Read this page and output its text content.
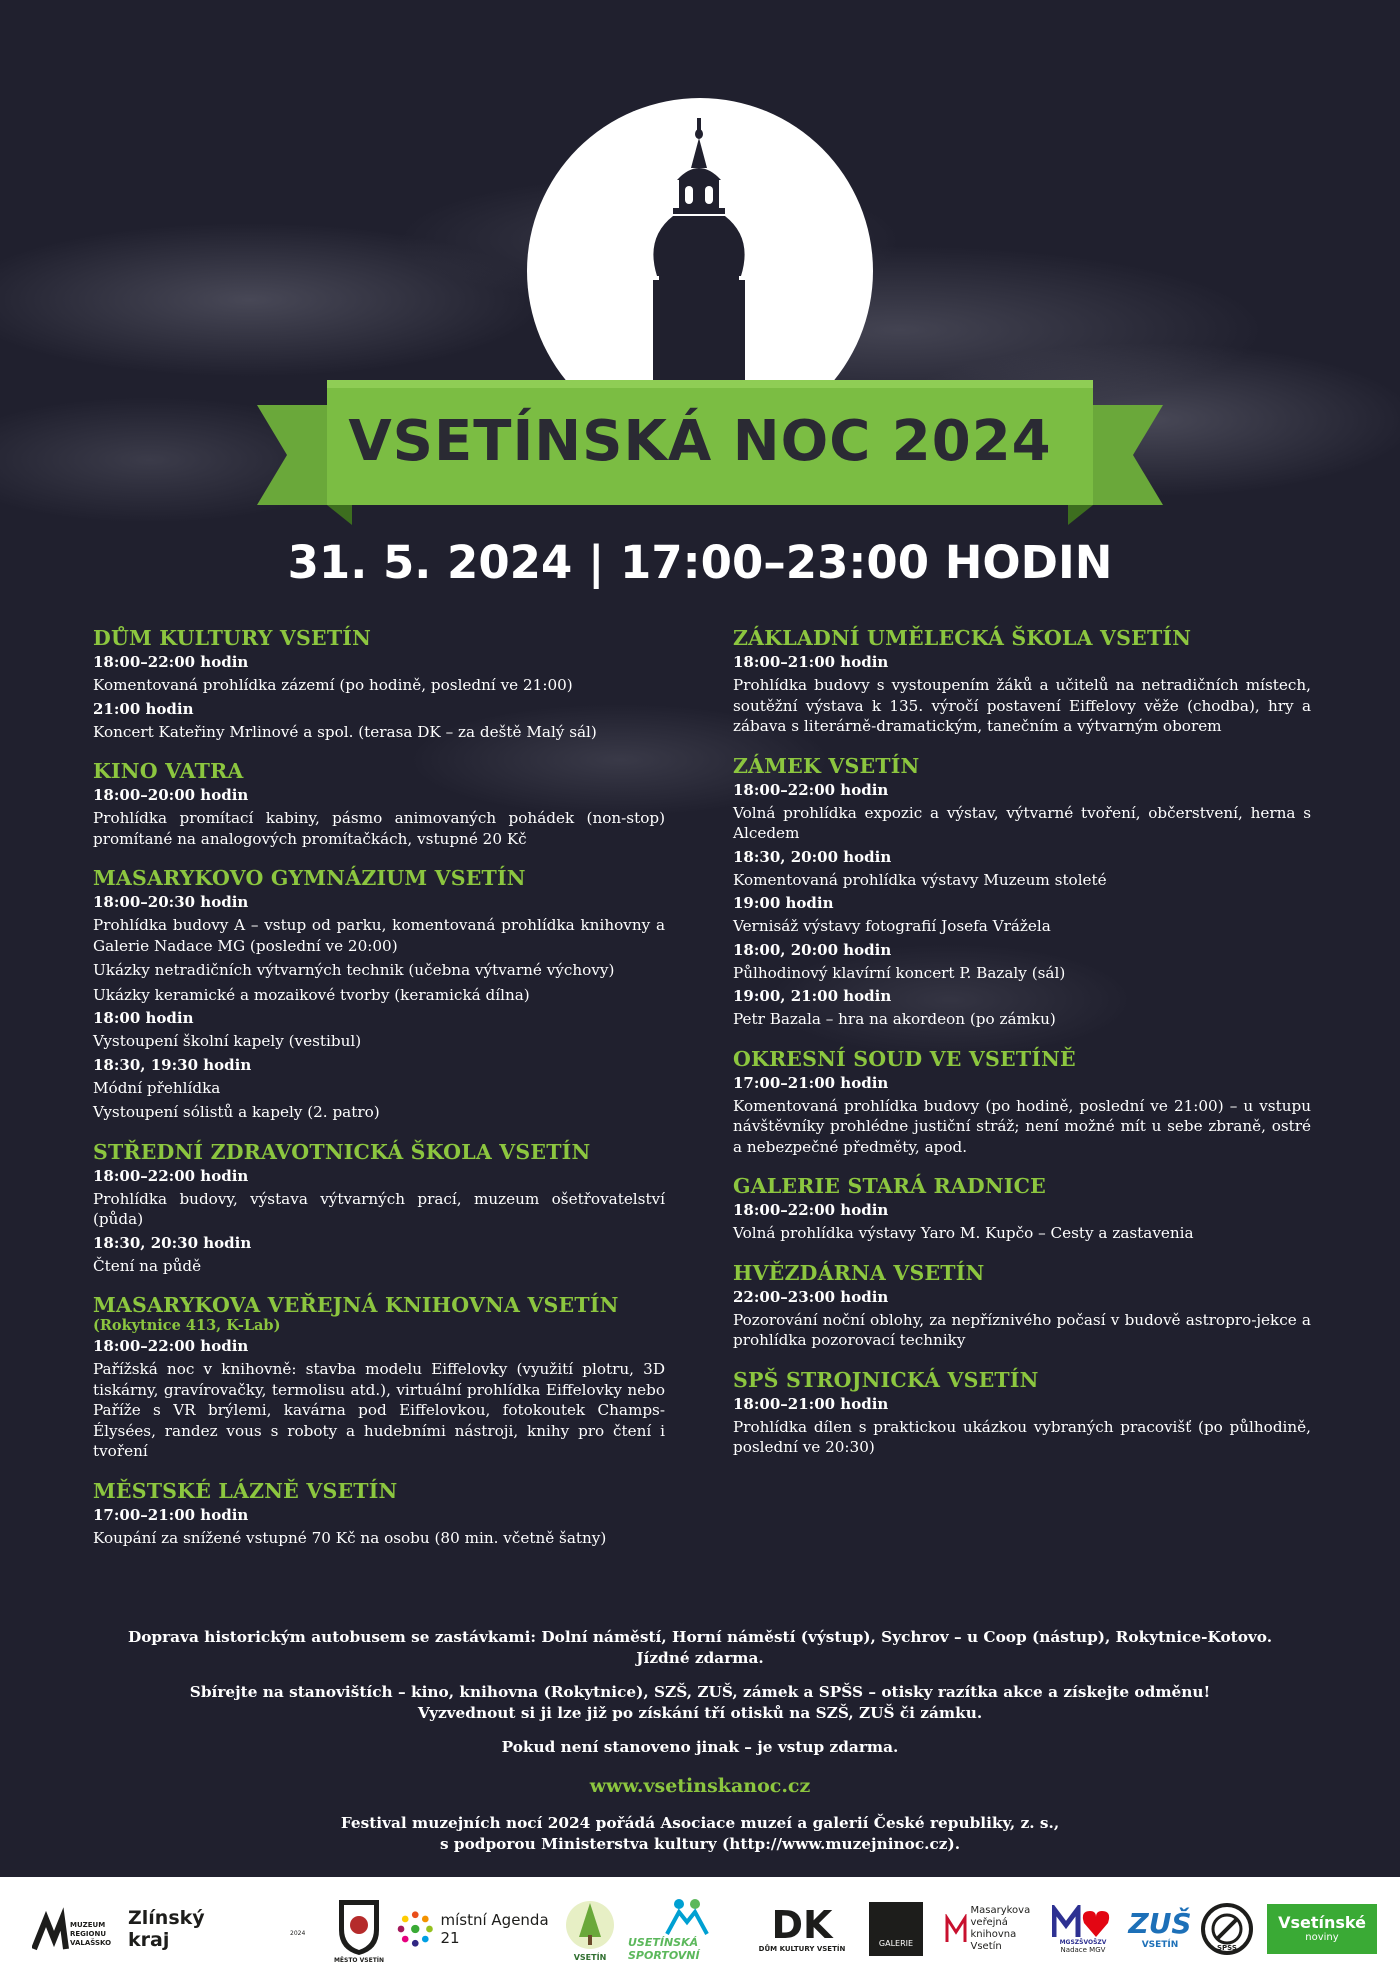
VSETÍNSKÁ NOC 2024
31. 5. 2024 | 17:00–23:00 HODIN
DŮM KULTURY VSETÍN
18:00–22:00 hodin
Komentovaná prohlídka zázemí (po hodině, poslední ve 21:00)
21:00 hodin
Koncert Kateřiny Mrlinové a spol. (terasa DK – za deště Malý sál)
KINO VATRA
18:00–20:00 hodin
Prohlídka promítací kabiny, pásmo animovaných pohádek (non-stop) promítané na analogových promítačkách, vstupné 20 Kč
MASARYKOVO GYMNÁZIUM VSETÍN
18:00–20:30 hodin
Prohlídka budovy A – vstup od parku, komentovaná prohlídka knihovny a Galerie Nadace MG (poslední ve 20:00)
Ukázky netradičních výtvarných technik (učebna výtvarné výchovy)
Ukázky keramické a mozaikové tvorby (keramická dílna)
18:00 hodin
Vystoupení školní kapely (vestibul)
18:30, 19:30 hodin
Módní přehlídka
Vystoupení sólistů a kapely (2. patro)
STŘEDNÍ ZDRAVOTNICKÁ ŠKOLA VSETÍN
18:00–22:00 hodin
Prohlídka budovy, výstava výtvarných prací, muzeum ošetřovatelství (půda)
18:30, 20:30 hodin
Čtení na půdě
MASARYKOVA VEŘEJNÁ KNIHOVNA VSETÍN
(Rokytnice 413, K-Lab)
18:00–22:00 hodin
Pařížská noc v knihovně: stavba modelu Eiffelovky (využití plotru, 3D tiskárny, gravírovačky, termolisu atd.), virtuální prohlídka Eiffelovky nebo Paříže s VR brýlemi, kavárna pod Eiffelovkou, fotokoutek Champs-Élysées, randez vous s roboty a hudebními nástroji, knihy pro čtení i tvoření
MĚSTSKÉ LÁZNĚ VSETÍN
17:00–21:00 hodin
Koupání za snížené vstupné 70 Kč na osobu (80 min. včetně šatny)
ZÁKLADNÍ UMĚLECKÁ ŠKOLA VSETÍN
18:00–21:00 hodin
Prohlídka budovy s vystoupením žáků a učitelů na netradičních místech, soutěžní výstava k 135. výročí postavení Eiffelovy věže (chodba), hry a zábava s literárně-dramatickým, tanečním a výtvarným oborem
ZÁMEK VSETÍN
18:00–22:00 hodin
Volná prohlídka expozic a výstav, výtvarné tvoření, občerstvení, herna s Alcedem
18:30, 20:00 hodin
Komentovaná prohlídka výstavy Muzeum stoleté
19:00 hodin
Vernisáž výstavy fotografií Josefa Vrážela
18:00, 20:00 hodin
Půlhodinový klavírní koncert P. Bazaly (sál)
19:00, 21:00 hodin
Petr Bazala – hra na akordeon (po zámku)
OKRESNÍ SOUD VE VSETÍNĚ
17:00–21:00 hodin
Komentovaná prohlídka budovy (po hodině, poslední ve 21:00) – u vstupu návštěvníky prohlédne justiční stráž; není možné mít u sebe zbraně, ostré a nebezpečné předměty, apod.
GALERIE STARÁ RADNICE
18:00–22:00 hodin
Volná prohlídka výstavy Yaro M. Kupčo – Cesty a zastavenia
HVĚZDÁRNA VSETÍN
22:00–23:00 hodin
Pozorování noční oblohy, za nepříznivého počasí v budově astropro-jekce a prohlídka pozorovací techniky
SPŠ STROJNICKÁ VSETÍN
18:00–21:00 hodin
Prohlídka dílen s praktickou ukázkou vybraných pracovišť (po půlhodině, poslední ve 20:30)

Doprava historickým autobusem se zastávkami: Dolní náměstí, Horní náměstí (výstup), Sychrov – u Coop (nástup), Rokytnice-Kotovo.
Jízdné zdarma.

Sbírejte na stanovištích – kino, knihovna (Rokytnice), SZŠ, ZUŠ, zámek a SPŠS – otisky razítka akce a získejte odměnu!
Vyzvednout si ji lze již po získání tří otisků na SZŠ, ZUŠ či zámku.

Pokud není stanoveno jinak – je vstup zdarma.

www.vsetinskanoc.cz

Festival muzejních nocí 2024 pořádá Asociace muzeí a galerií České republiky, z. s.,
s podporou Ministerstva kultury (http://www.muzejninoc.cz).

MUZEUM
REGIONU
VALAŠSKO
Zlínský kraj	2024
MĚSTO VSETÍN
místní Agenda 21
VSETÍN
USETÍNSKÁ SPORTOVNÍ
DK
DŮM KULTURY VSETÍN
GALERIE
Masarykova veřejná knihovna Vsetín	MGSZŠVOŠZV
Nadace MGV
ZUŠ
VSETÍN	SPŠS
Vsetínské
noviny
